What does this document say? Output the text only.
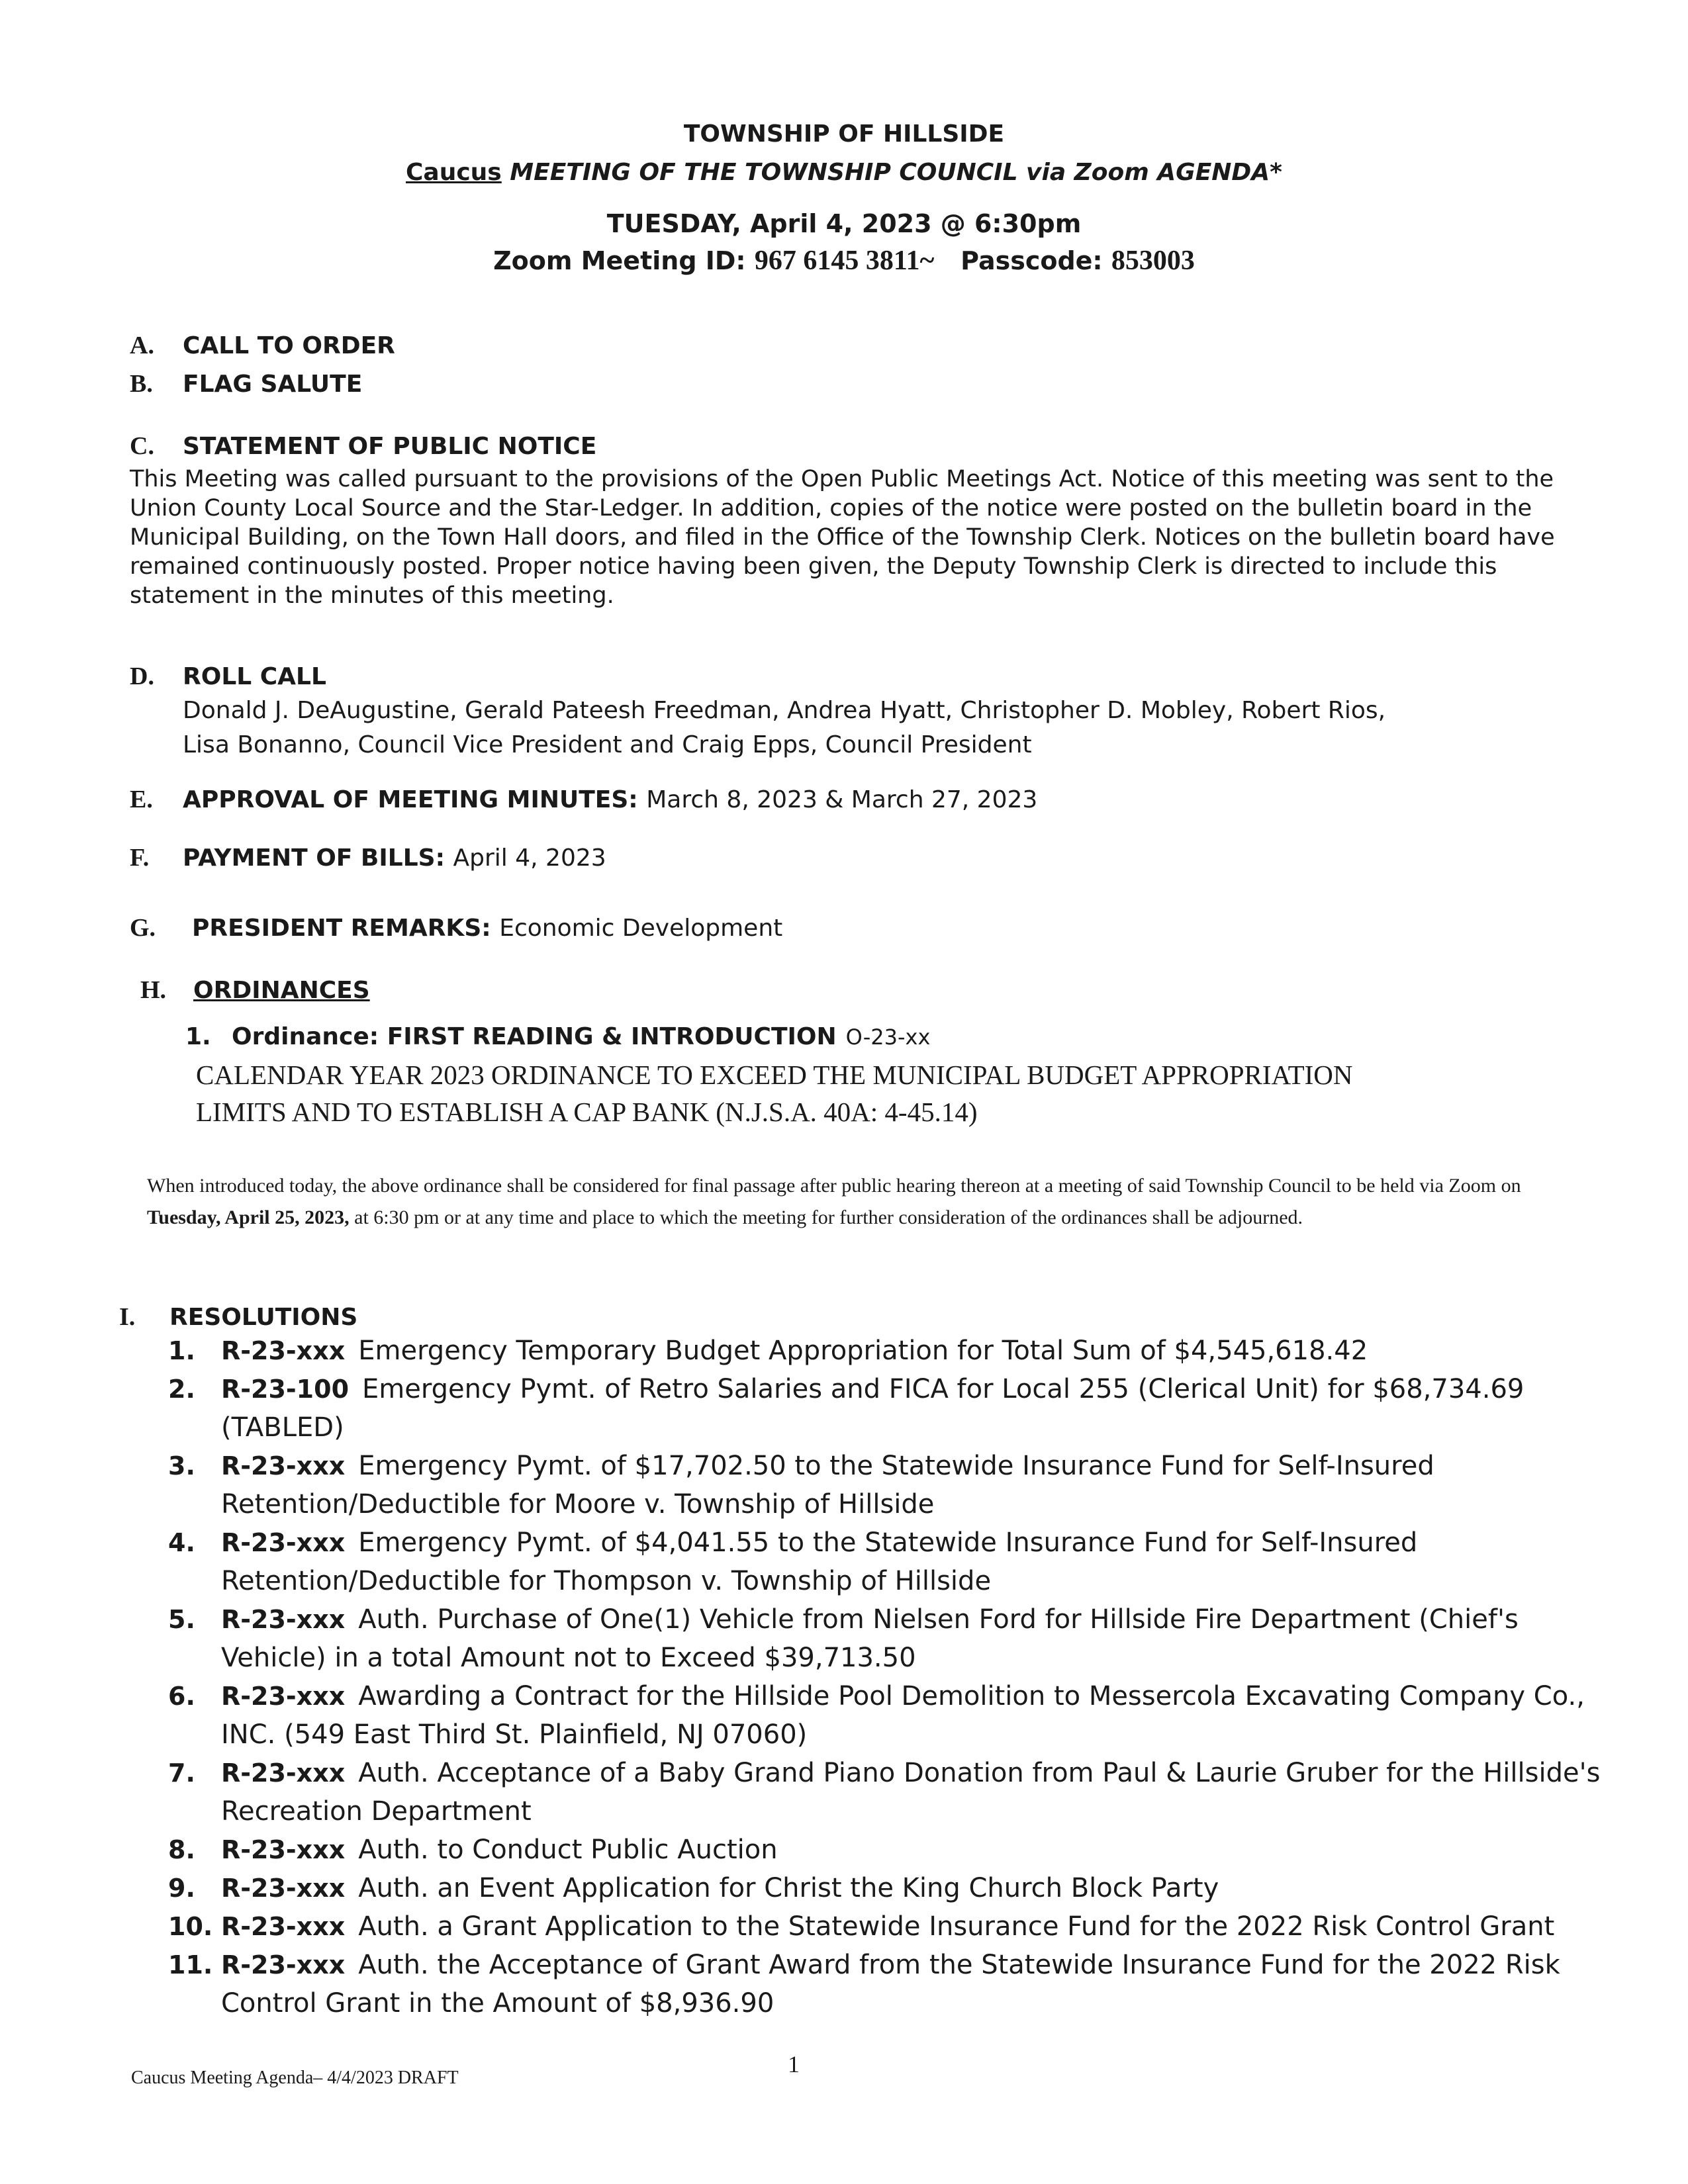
TOWNSHIP OF HILLSIDE
Caucus MEETING OF THE TOWNSHIP COUNCIL via Zoom AGENDA*
TUESDAY, April 4, 2023 @ 6:30pm
Zoom Meeting ID: 967 6145 3811~ Passcode: 853003
A. CALL TO ORDER
B. FLAG SALUTE
C. STATEMENT OF PUBLIC NOTICE
This Meeting was called pursuant to the provisions of the Open Public Meetings Act. Notice of this meeting was sent to the Union County Local Source and the Star-Ledger. In addition, copies of the notice were posted on the bulletin board in the Municipal Building, on the Town Hall doors, and filed in the Office of the Township Clerk. Notices on the bulletin board have remained continuously posted. Proper notice having been given, the Deputy Township Clerk is directed to include this statement in the minutes of this meeting.
D. ROLL CALL
Donald J. DeAugustine, Gerald Pateesh Freedman, Andrea Hyatt, Christopher D. Mobley, Robert Rios,
Lisa Bonanno, Council Vice President and Craig Epps, Council President
E. APPROVAL OF MEETING MINUTES: March 8, 2023 & March 27, 2023
F. PAYMENT OF BILLS: April 4, 2023
G. PRESIDENT REMARKS: Economic Development
H. ORDINANCES
1. Ordinance: FIRST READING & INTRODUCTION O-23-xx
CALENDAR YEAR 2023 ORDINANCE TO EXCEED THE MUNICIPAL BUDGET APPROPRIATION
LIMITS AND TO ESTABLISH A CAP BANK (N.J.S.A. 40A: 4-45.14)
When introduced today, the above ordinance shall be considered for final passage after public hearing thereon at a meeting of said Township Council to be held via Zoom on Tuesday, April 25, 2023, at 6:30 pm or at any time and place to which the meeting for further consideration of the ordinances shall be adjourned.
I. RESOLUTIONS
1.	R-23-xxx Emergency Temporary Budget Appropriation for Total Sum of $4,545,618.42
2.	R-23-100 Emergency Pymt. of Retro Salaries and FICA for Local 255 (Clerical Unit) for $68,734.69 (TABLED)
3.	R-23-xxx Emergency Pymt. of $17,702.50 to the Statewide Insurance Fund for Self-Insured Retention/Deductible for Moore v. Township of Hillside
4.	R-23-xxx Emergency Pymt. of $4,041.55 to the Statewide Insurance Fund for Self-Insured Retention/Deductible for Thompson v. Township of Hillside
5.	R-23-xxx Auth. Purchase of One(1) Vehicle from Nielsen Ford for Hillside Fire Department (Chief's Vehicle) in a total Amount not to Exceed $39,713.50
6.	R-23-xxx Awarding a Contract for the Hillside Pool Demolition to Messercola Excavating Company Co., INC. (549 East Third St. Plainfield, NJ 07060)
7.	R-23-xxx Auth. Acceptance of a Baby Grand Piano Donation from Paul & Laurie Gruber for the Hillside's Recreation Department
8.	R-23-xxx Auth. to Conduct Public Auction
9.	R-23-xxx Auth. an Event Application for Christ the King Church Block Party
10. R-23-xxx Auth. a Grant Application to the Statewide Insurance Fund for the 2022 Risk Control Grant
11. R-23-xxx Auth. the Acceptance of Grant Award from the Statewide Insurance Fund for the 2022 Risk Control Grant in the Amount of $8,936.90
Caucus Meeting Agenda– 4/4/2023 DRAFT
1
